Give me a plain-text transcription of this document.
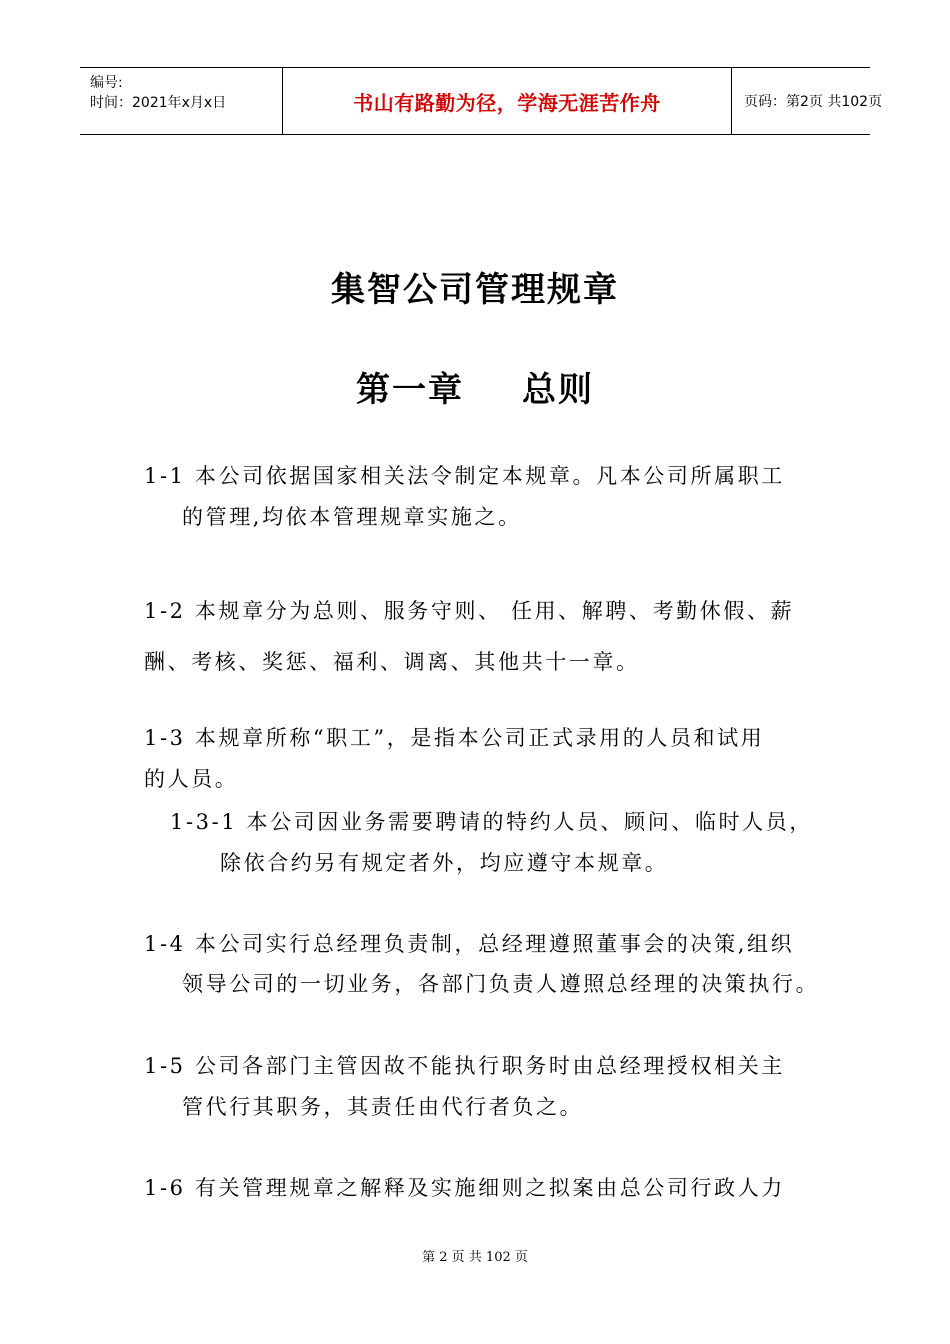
编号:
时间：2021年x月x日	书山有路勤为径，学海无涯苦作舟	页码：第2页 共102页
集智公司管理规章
第一章 总则
1-1 本公司依据国家相关法令制定本规章。凡本公司所属职工
的管理,均依本管理规章实施之。
1-2 本规章分为总则、服务守则、 任用、解聘、考勤休假、薪
酬、考核、奖惩、福利、调离、其他共十一章。
1-3 本规章所称“职工”，是指本公司正式录用的人员和试用
的人员。
1-3-1 本公司因业务需要聘请的特约人员、顾问、临时人员，
除依合约另有规定者外，均应遵守本规章。
1-4 本公司实行总经理负责制，总经理遵照董事会的决策,组织
领导公司的一切业务，各部门负责人遵照总经理的决策执行。
1-5 公司各部门主管因故不能执行职务时由总经理授权相关主
管代行其职务，其责任由代行者负之。
1-6 有关管理规章之解释及实施细则之拟案由总公司行政人力
第 2 页 共 102 页
